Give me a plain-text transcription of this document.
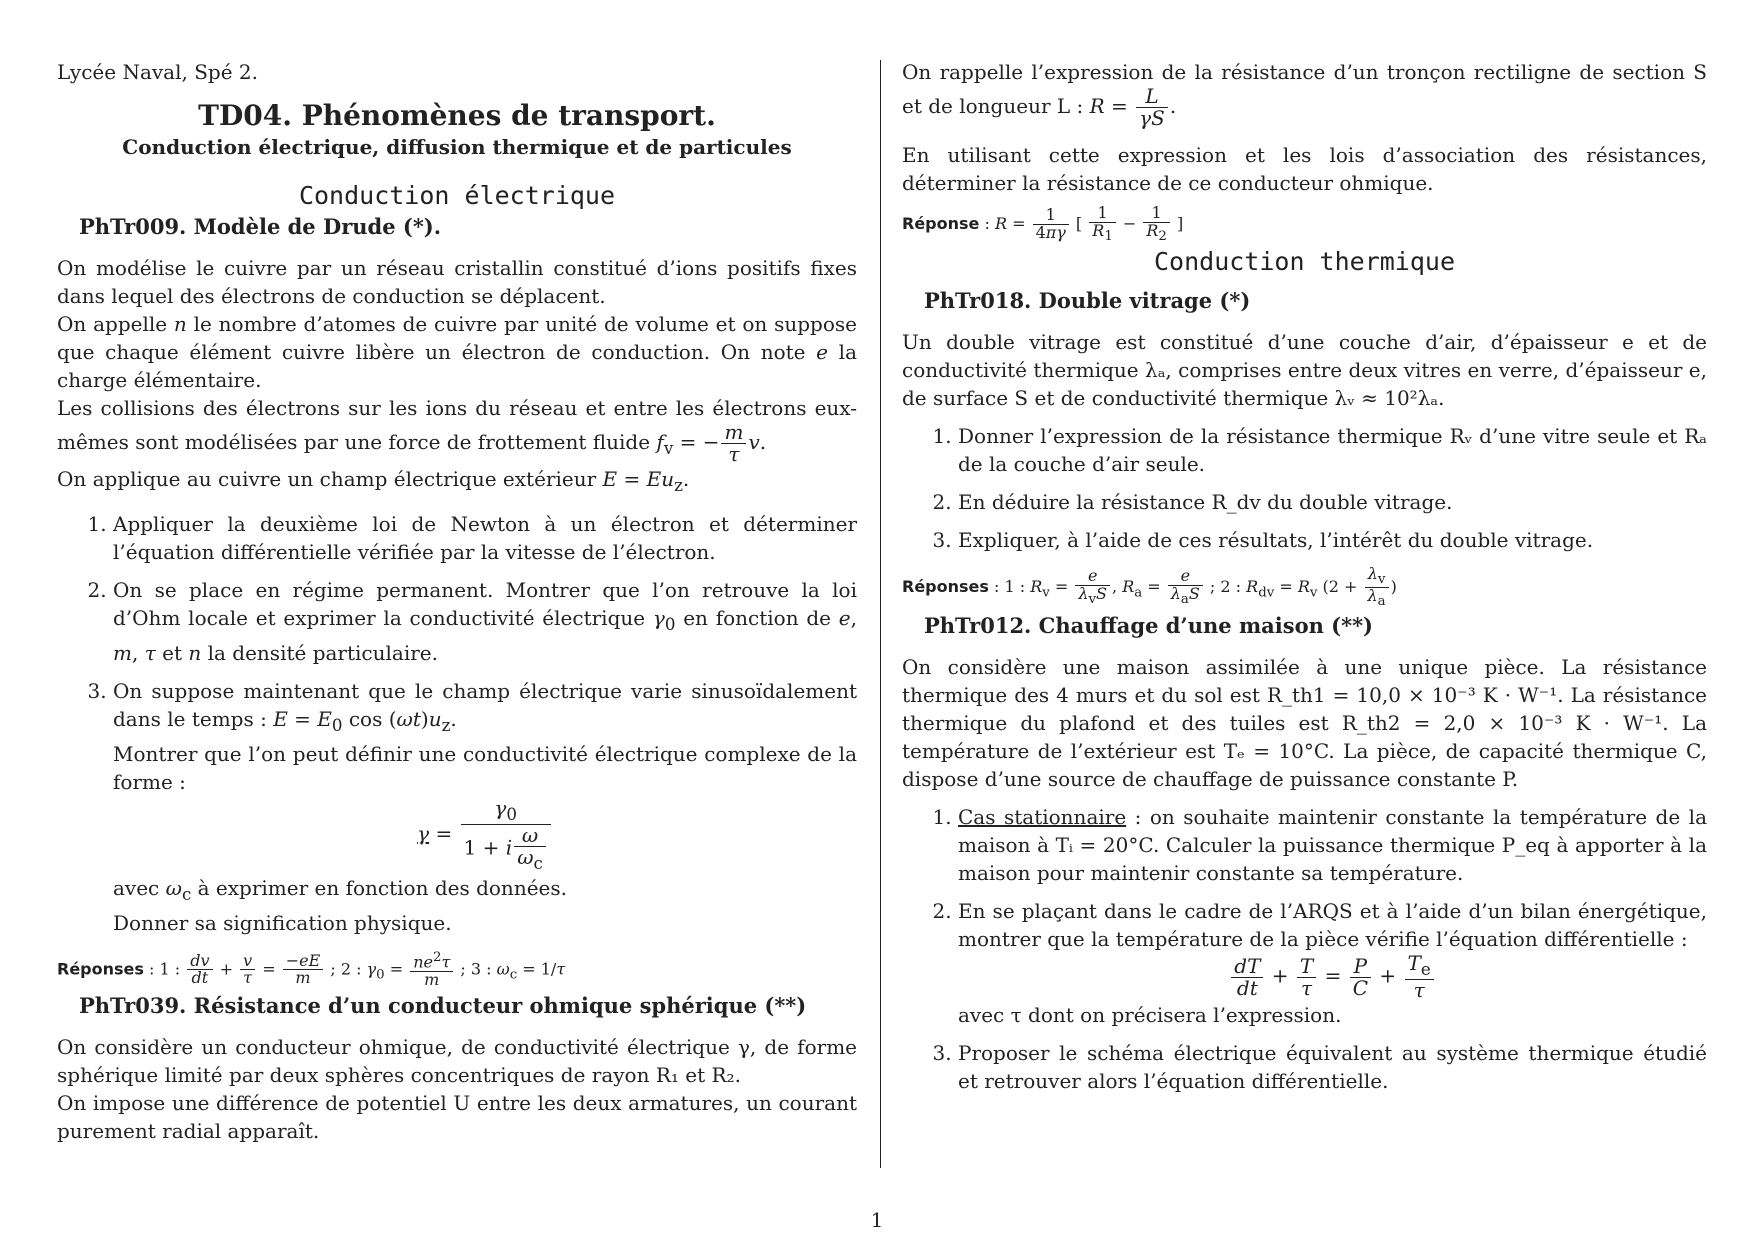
Lycée Naval, Spé 2.
TD04. Phénomènes de transport.
Conduction électrique, diffusion thermique et de particules
Conduction électrique
PhTr009. Modèle de Drude (*).

On modélise le cuivre par un réseau cristallin constitué d’ions positifs fixes dans lequel des électrons de conduction se déplacent.

On appelle n le nombre d’atomes de cuivre par unité de volume et on suppose que chaque élément cuivre libère un électron de conduction. On note e la charge élémentaire.

Les collisions des électrons sur les ions du réseau et entre les électrons eux-mêmes sont modélisées par une force de frottement fluide $f_v$ = − $\frac{m}{\tau} v$.

On applique au cuivre un champ électrique extérieur $E = Eu_z$.

1. Appliquer la deuxième loi de Newton à un électron et déterminer l’équation différentielle vérifiée par la vitesse de l’électron.
2. On se place en régime permanent. Montrer que l’on retrouve la loi d’Ohm locale et exprimer la conductivité électrique $\gamma_0$ en fonction de e, m, τ et n la densité particulaire.
3. On suppose maintenant que le champ électrique varie sinusoïdalement dans le temps : $E = E_0$ $\cos (\omega t)u_z$.
Montrer que l’on peut définir une conductivité électrique complexe de la forme :
$\gamma = \frac{\gamma_0}{1 + i \frac{\omega}{\omega_c}}$
avec $\omega_c$ à exprimer en fonction des données.
Donner sa signification physique.
Réponses : 1 : $\frac{dv}{dt} + \frac{v}{\tau} = \frac{-eE}{m}$ ; 2 : $\gamma_0 = \frac{ne^2\tau}{m}$ ; 3 : $\omega_c = 1/\tau$
PhTr039. Résistance d’un conducteur ohmique sphérique (**)

On considère un conducteur ohmique, de conductivité électrique γ, de forme sphérique limité par deux sphères concentriques de rayon R₁ et R₂.

On impose une différence de potentiel U entre les deux armatures, un courant purement radial apparaît.

On rappelle l’expression de la résistance d’un tronçon rectiligne de section S et de longueur L : $R = \frac{L}{\gamma S}$ .

En utilisant cette expression et les lois d’association des résistances, déterminer la résistance de ce conducteur ohmique.

Réponse : $R = \frac{1}{4\pi\gamma}$ [ $\frac{1}{R_1} - \frac{1}{R_2}$ ]
Conduction thermique
PhTr018. Double vitrage (*)

Un double vitrage est constitué d’une couche d’air, d’épaisseur e et de conductivité thermique λₐ, comprises entre deux vitres en verre, d’épaisseur e, de surface S et de conductivité thermique λᵥ ≈ 10²λₐ.

1. Donner l’expression de la résistance thermique Rᵥ d’une vitre seule et Rₐ de la couche d’air seule.
2. En déduire la résistance R_dv du double vitrage.
3. Expliquer, à l’aide de ces résultats, l’intérêt du double vitrage.
Réponses : 1 : $R_v = \frac{e}{\lambda_vS}$ , $R_a = \frac{e}{\lambda_aS}$ ; 2 : $R_{dv} = R_v$ ($2 + \frac{\lambda_v}{\lambda_a}$ )
PhTr012. Chauffage d’une maison (**)

On considère une maison assimilée à une unique pièce. La résistance thermique des 4 murs et du sol est R_th1 = 10,0 × 10⁻³ K · W⁻¹. La résistance thermique du plafond et des tuiles est R_th2 = 2,0 × 10⁻³ K · W⁻¹. La température de l’extérieur est Tₑ = 10°C. La pièce, de capacité thermique C, dispose d’une source de chauffage de puissance constante P.

1. Cas stationnaire : on souhaite maintenir constante la température de la maison à Tᵢ = 20°C. Calculer la puissance thermique P_eq à apporter à la maison pour maintenir constante sa température.
2. En se plaçant dans le cadre de l’ARQS et à l’aide d’un bilan énergétique, montrer que la température de la pièce vérifie l’équation différentielle :
$\frac{dT}{dt} + \frac{T}{\tau} = \frac{P}{C} + \frac{T_e}{\tau}$
avec τ dont on précisera l’expression.
3. Proposer le schéma électrique équivalent au système thermique étudié et retrouver alors l’équation différentielle.
1
